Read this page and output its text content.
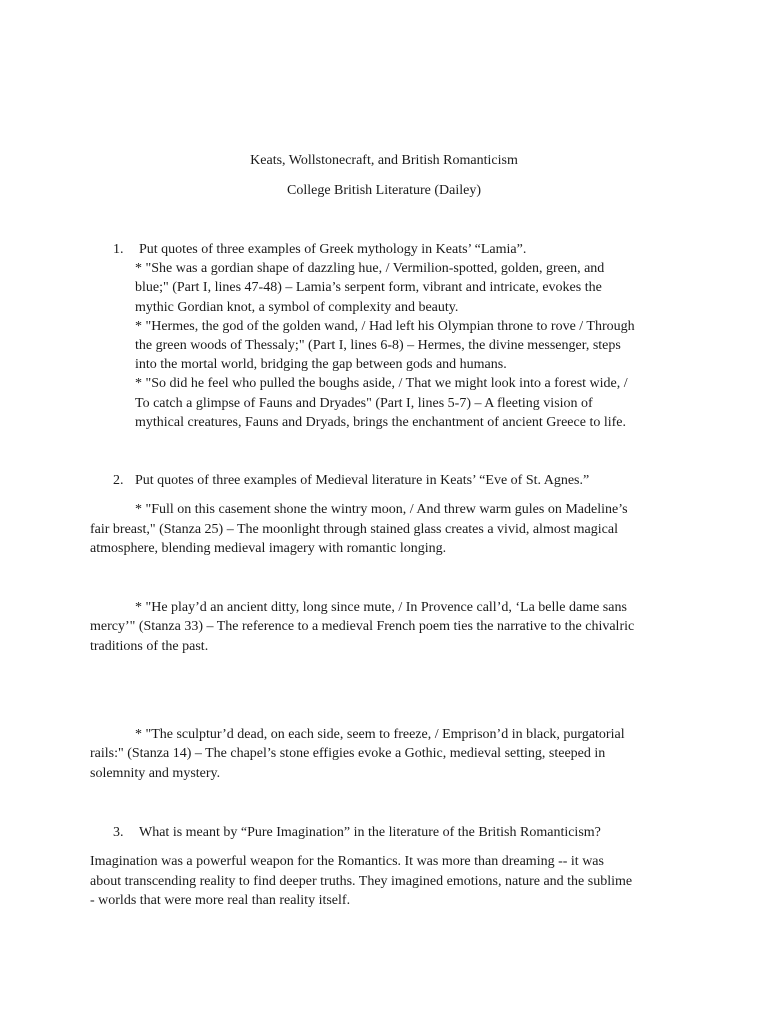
Keats, Wollstonecraft, and British Romanticism
College British Literature (Dailey)
1. Put quotes of three examples of Greek mythology in Keats’ “Lamia”.
* "She was a gordian shape of dazzling hue, / Vermilion-spotted, golden, green, and
blue;" (Part I, lines 47-48) – Lamia’s serpent form, vibrant and intricate, evokes the
mythic Gordian knot, a symbol of complexity and beauty.
* "Hermes, the god of the golden wand, / Had left his Olympian throne to rove / Through
the green woods of Thessaly;" (Part I, lines 6-8) – Hermes, the divine messenger, steps
into the mortal world, bridging the gap between gods and humans.
* "So did he feel who pulled the boughs aside, / That we might look into a forest wide, /
To catch a glimpse of Fauns and Dryades" (Part I, lines 5-7) – A fleeting vision of
mythical creatures, Fauns and Dryads, brings the enchantment of ancient Greece to life.
2. Put quotes of three examples of Medieval literature in Keats’ “Eve of St. Agnes.”
* "Full on this casement shone the wintry moon, / And threw warm gules on Madeline’s
fair breast," (Stanza 25) – The moonlight through stained glass creates a vivid, almost magical
atmosphere, blending medieval imagery with romantic longing.
* "He play’d an ancient ditty, long since mute, / In Provence call’d, ‘La belle dame sans
mercy’" (Stanza 33) – The reference to a medieval French poem ties the narrative to the chivalric
traditions of the past.
* "The sculptur’d dead, on each side, seem to freeze, / Emprison’d in black, purgatorial
rails:" (Stanza 14) – The chapel’s stone effigies evoke a Gothic, medieval setting, steeped in
solemnity and mystery.
3. What is meant by “Pure Imagination” in the literature of the British Romanticism?
Imagination was a powerful weapon for the Romantics. It was more than dreaming -- it was
about transcending reality to find deeper truths. They imagined emotions, nature and the sublime
- worlds that were more real than reality itself.
